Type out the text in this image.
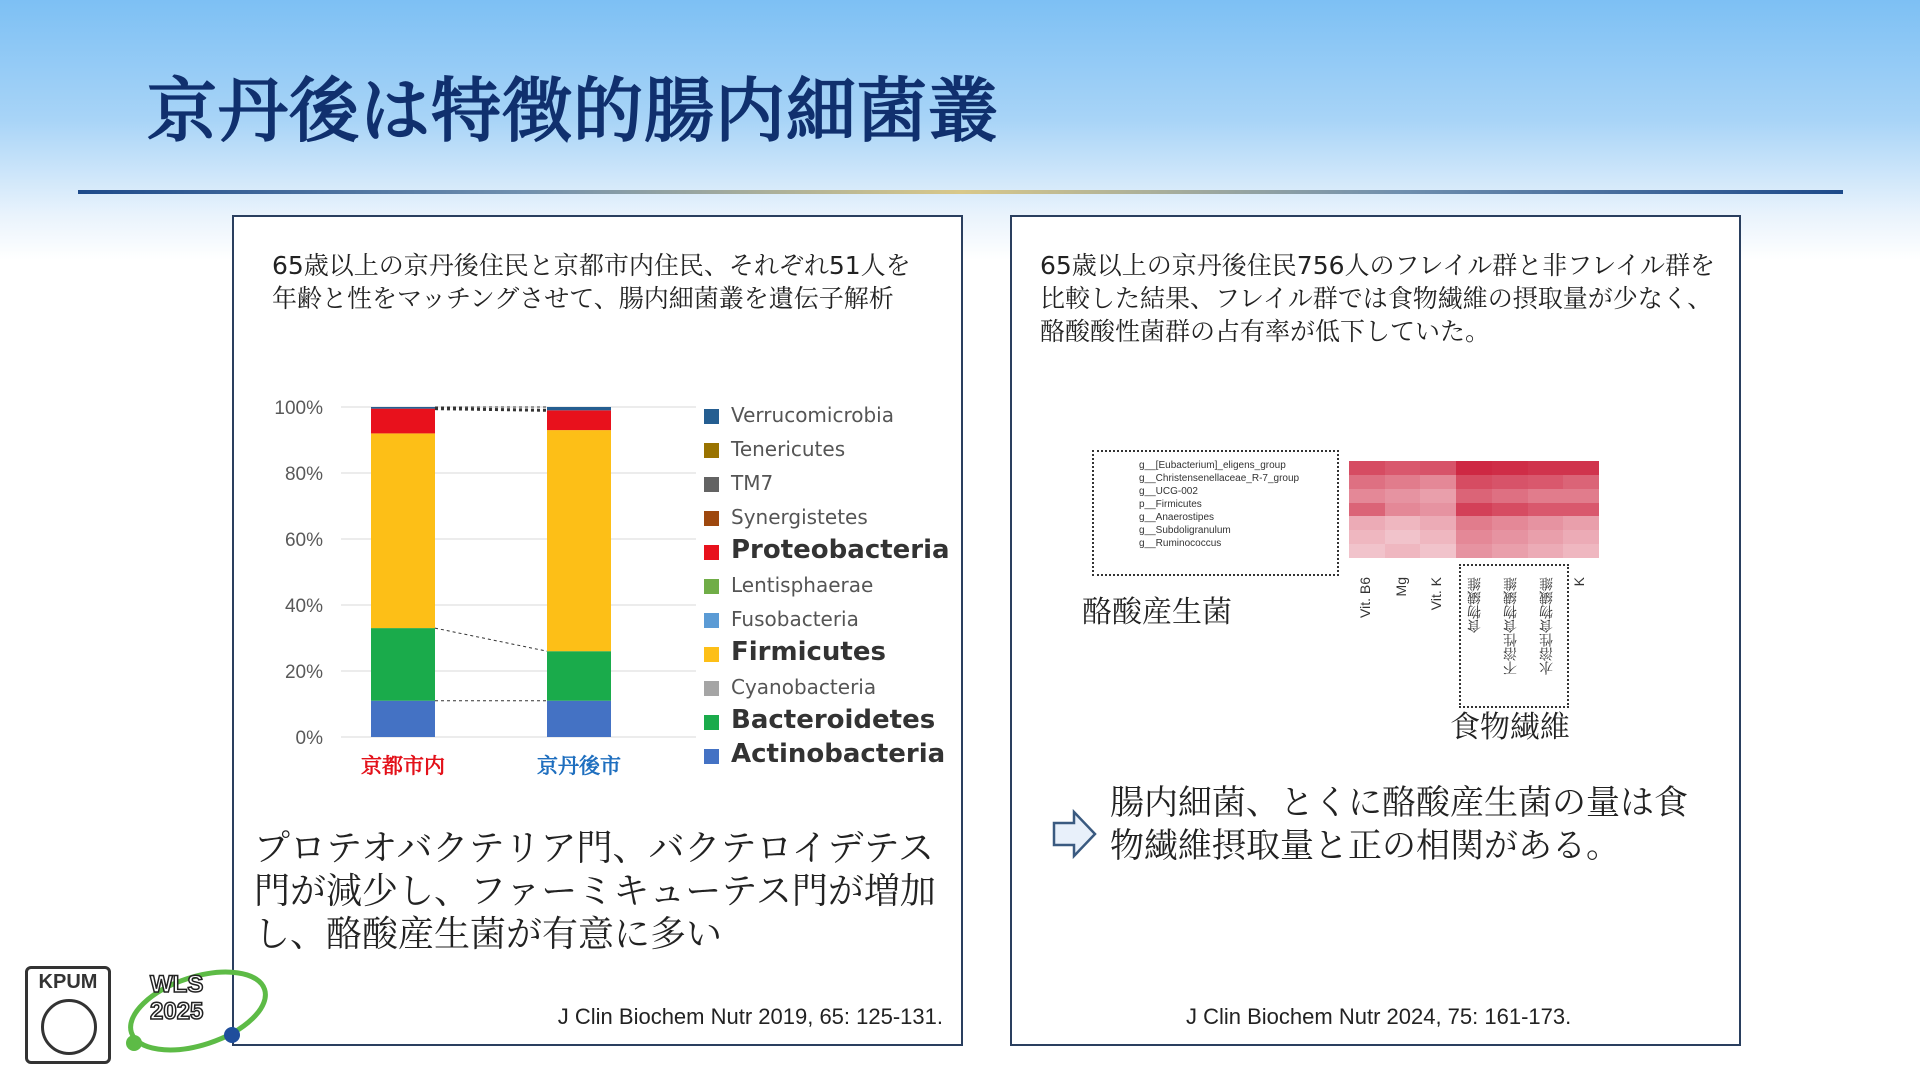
京丹後は特徴的腸内細菌叢
65歳以上の京丹後住民と京都市内住民、それぞれ51人を年齢と性をマッチングさせて、腸内細菌叢を遺伝子解析
0%
20%
40%
60%
80%
100%
京都市内	京丹後市
Verrucomicrobia
Tenericutes
TM7
Synergistetes
Proteobacteria
Lentisphaerae
Fusobacteria
Firmicutes
Cyanobacteria
Bacteroidetes
Actinobacteria
プロテオバクテリア門、バクテロイデテス門が減少し、ファーミキューテス門が増加し、酪酸産生菌が有意に多い
J Clin Biochem Nutr 2019, 65: 125-131.
65歳以上の京丹後住民756人のフレイル群と非フレイル群を比較した結果、フレイル群では食物繊維の摂取量が少なく、酪酸酸性菌群の占有率が低下していた。
g__[Eubacterium]_eligens_group
g__Christensenellaceae_R-7_group
g__UCG-002
p__Firmicutes
g__Anaerostipes
g__Subdoligranulum
g__Ruminococcus
Vit. B6 Mg Vit. K 食物繊維 不溶性食物繊維 水溶性食物繊維 K
酪酸産生菌
食物繊維
腸内細菌、とくに酪酸産生菌の量は食物繊維摂取量と正の相関がある。
J Clin Biochem Nutr 2024, 75: 161-173.
KPUM	WLS
2025
